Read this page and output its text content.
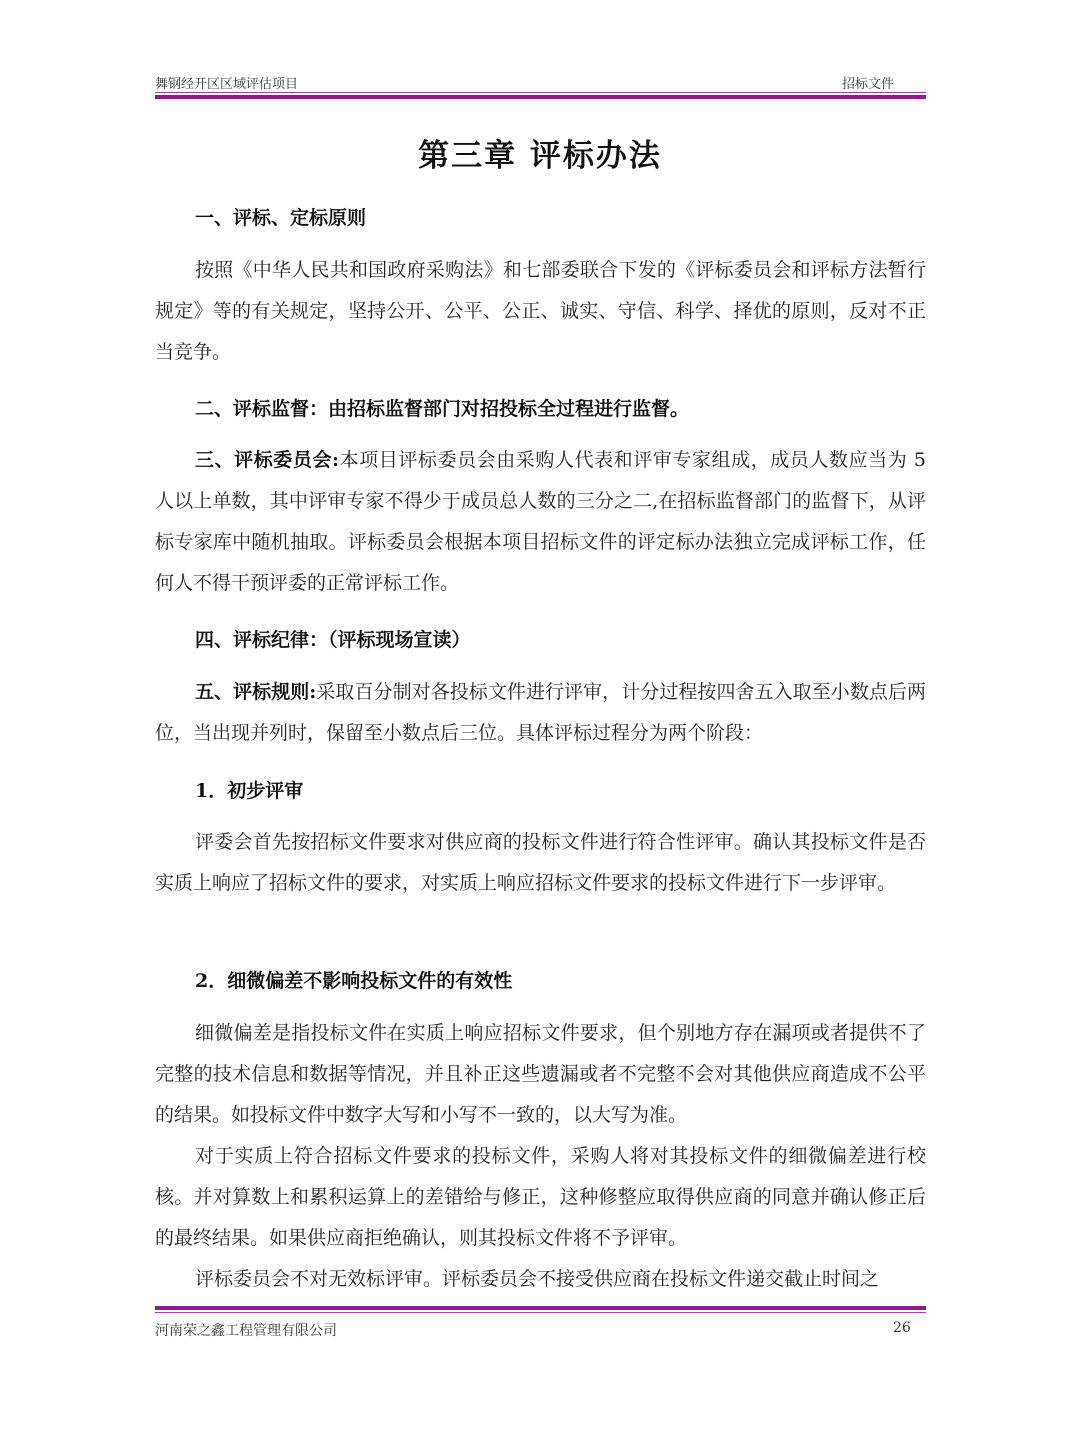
舞钢经开区区域评估项目	招标文件
第三章 评标办法
一、评标、定标原则
按照《中华人民共和国政府采购法》和七部委联合下发的《评标委员会和评标方法暂行规定》等的有关规定，坚持公开、公平、公正、诚实、守信、科学、择优的原则，反对不正当竞争。
二、评标监督：由招标监督部门对招投标全过程进行监督。
三、评标委员会:本项目评标委员会由采购人代表和评审专家组成，成员人数应当为 5 人以上单数，其中评审专家不得少于成员总人数的三分之二,在招标监督部门的监督下，从评标专家库中随机抽取。评标委员会根据本项目招标文件的评定标办法独立完成评标工作，任何人不得干预评委的正常评标工作。
四、评标纪律：（评标现场宣读）
五、评标规则:采取百分制对各投标文件进行评审，计分过程按四舍五入取至小数点后两位，当出现并列时，保留至小数点后三位。具体评标过程分为两个阶段：
1．初步评审
评委会首先按招标文件要求对供应商的投标文件进行符合性评审。确认其投标文件是否实质上响应了招标文件的要求，对实质上响应招标文件要求的投标文件进行下一步评审。
2．细微偏差不影响投标文件的有效性
细微偏差是指投标文件在实质上响应招标文件要求，但个别地方存在漏项或者提供不了完整的技术信息和数据等情况，并且补正这些遗漏或者不完整不会对其他供应商造成不公平的结果。如投标文件中数字大写和小写不一致的，以大写为准。
对于实质上符合招标文件要求的投标文件，采购人将对其投标文件的细微偏差进行校核。并对算数上和累积运算上的差错给与修正，这种修整应取得供应商的同意并确认修正后的最终结果。如果供应商拒绝确认，则其投标文件将不予评审。
评标委员会不对无效标评审。评标委员会不接受供应商在投标文件递交截止时间之
河南荣之鑫工程管理有限公司	26
